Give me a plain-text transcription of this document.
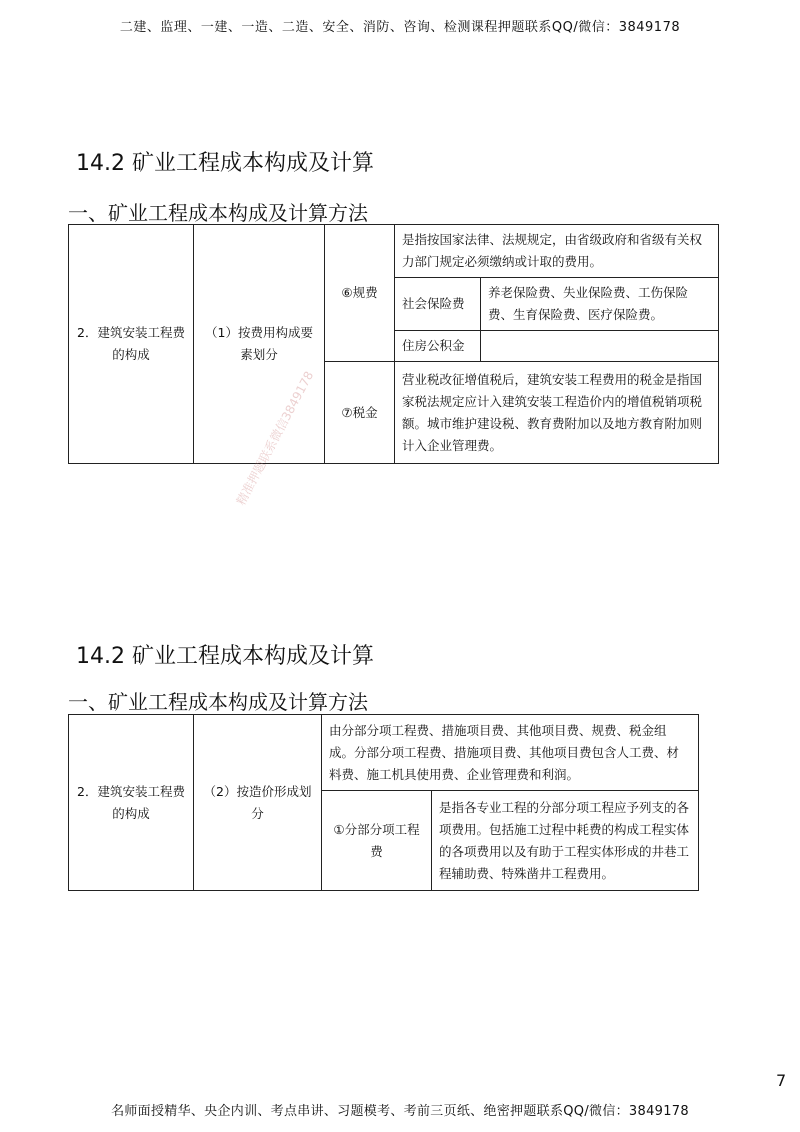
二建、监理、一建、一造、二造、安全、消防、咨询、检测课程押题联系QQ/微信：3849178
14.2 矿业工程成本构成及计算
一、矿业工程成本构成及计算方法
2．建筑安装工程费的构成	（1）按费用构成要素划分	⑥规费	是指按国家法律、法规规定，由省级政府和省级有关权力部门规定必须缴纳或计取的费用。	
			社会保险费	养老保险费、失业保险费、工伤保险费、生育保险费、医疗保险费。
			住房公积金	
		⑦税金	营业税改征增值税后，建筑安装工程费用的税金是指国家税法规定应计入建筑安装工程造价内的增值税销项税额。城市维护建设税、教育费附加以及地方教育附加则计入企业管理费。	
14.2 矿业工程成本构成及计算
一、矿业工程成本构成及计算方法
2．建筑安装工程费的构成	（2）按造价形成划分	由分部分项工程费、措施项目费、其他项目费、规费、税金组成。分部分项工程费、措施项目费、其他项目费包含人工费、材料费、施工机具使用费、企业管理费和利润。	
		①分部分项工程费	是指各专业工程的分部分项工程应予列支的各项费用。包括施工过程中耗费的构成工程实体的各项费用以及有助于工程实体形成的井巷工程辅助费、特殊凿井工程费用。
精准押题联系微信3849178
7
名师面授精华、央企内训、考点串讲、习题模考、考前三页纸、绝密押题联系QQ/微信：3849178
